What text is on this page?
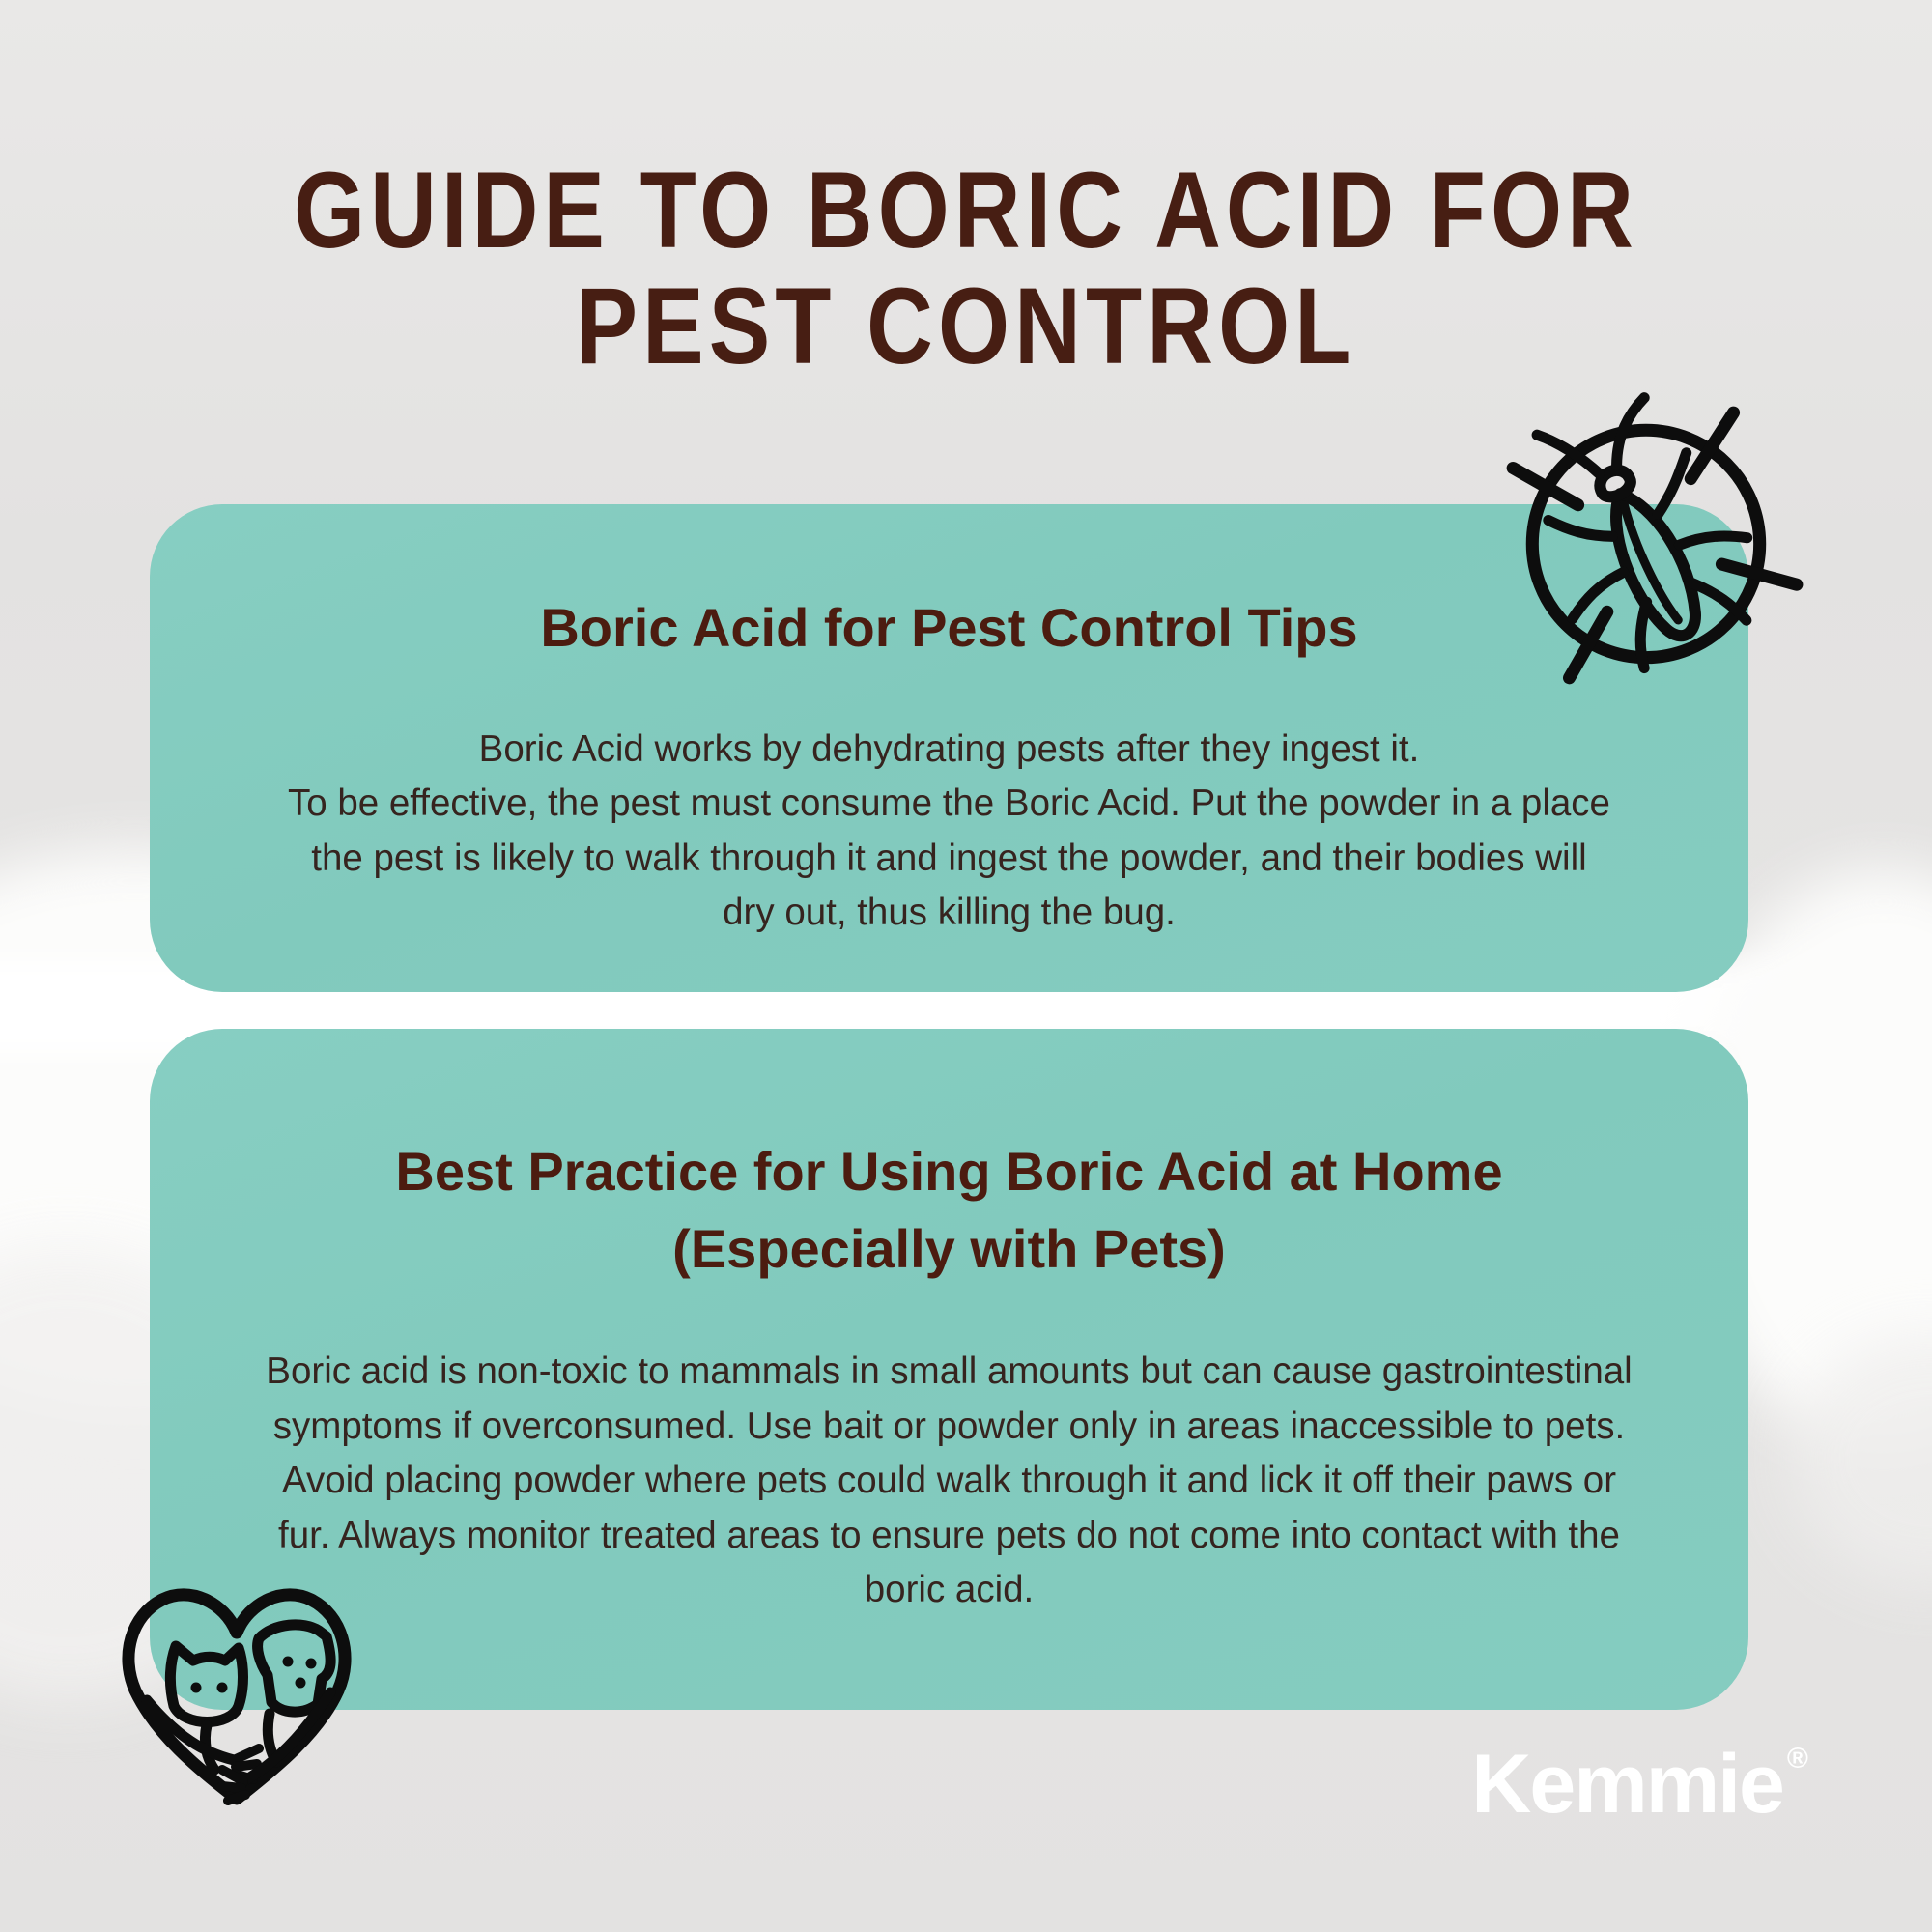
GUIDE TO BORIC ACID FOR
PEST CONTROL
Boric Acid for Pest Control Tips
Boric Acid works by dehydrating pests after they ingest it.
To be effective, the pest must consume the Boric Acid. Put the powder in a place
the pest is likely to walk through it and ingest the powder, and their bodies will
dry out, thus killing the bug.
Best Practice for Using Boric Acid at Home
(Especially with Pets)
Boric acid is non-toxic to mammals in small amounts but can cause gastrointestinal
symptoms if overconsumed. Use bait or powder only in areas inaccessible to pets.
Avoid placing powder where pets could walk through it and lick it off their paws or
fur. Always monitor treated areas to ensure pets do not come into contact with the
boric acid.
Kemmie ®
